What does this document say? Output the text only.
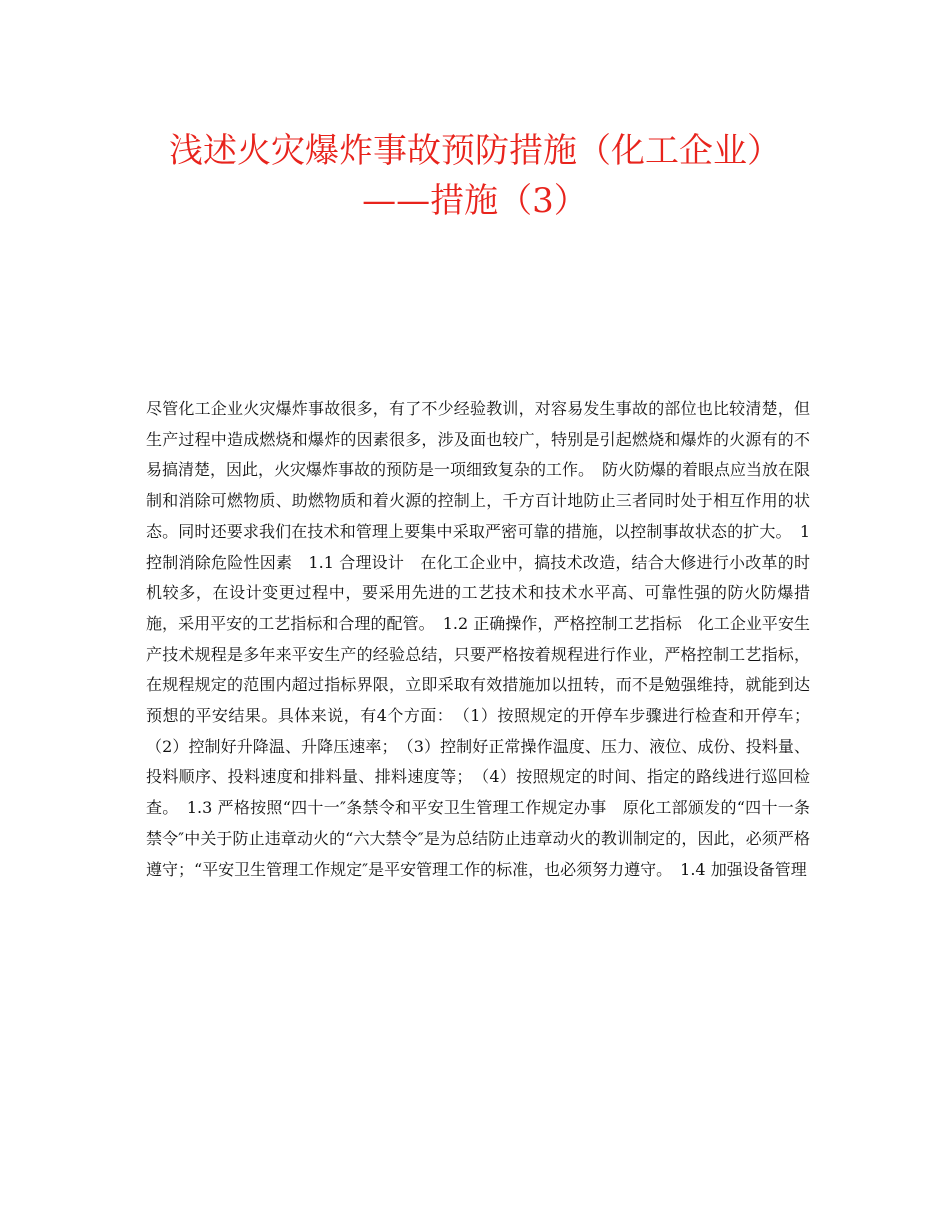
浅述火灾爆炸事故预防措施（化工企业）
——措施（3）

尽管化工企业火灾爆炸事故很多，有了不少经验教训，对容易发生事故的部位也比较清楚，但生产过程中造成燃烧和爆炸的因素很多，涉及面也较广，特别是引起燃烧和爆炸的火源有的不易搞清楚，因此，火灾爆炸事故的预防是一项细致复杂的工作。　防火防爆的着眼点应当放在限制和消除可燃物质、助燃物质和着火源的控制上，千方百计地防止三者同时处于相互作用的状态。同时还要求我们在技术和管理上要集中采取严密可靠的措施，以控制事故状态的扩大。　1 控制消除危险性因素　1.1 合理设计　在化工企业中，搞技术改造，结合大修进行小改革的时机较多，在设计变更过程中，要采用先进的工艺技术和技术水平高、可靠性强的防火防爆措施，采用平安的工艺指标和合理的配管。　1.2 正确操作，严格控制工艺指标　化工企业平安生产技术规程是多年来平安生产的经验总结，只要严格按着规程进行作业，严格控制工艺指标，在规程规定的范围内超过指标界限，立即采取有效措施加以扭转，而不是勉强维持，就能到达预想的平安结果。具体来说，有4个方面：　（1）按照规定的开停车步骤进行检查和开停车；（2）控制好升降温、升降压速率；　（3）控制好正常操作温度、压力、液位、成份、投料量、投料顺序、投料速度和排料量、排料速度等；　（4）按照规定的时间、指定的路线进行巡回检查。　1.3 严格按照“四十一″条禁令和平安卫生管理工作规定办事　原化工部颁发的“四十一条禁令″中关于防止违章动火的“六大禁令″是为总结防止违章动火的教训制定的，因此，必须严格遵守；“平安卫生管理工作规定″是平安管理工作的标准，也必须努力遵守。　1.4 加强设备管理
